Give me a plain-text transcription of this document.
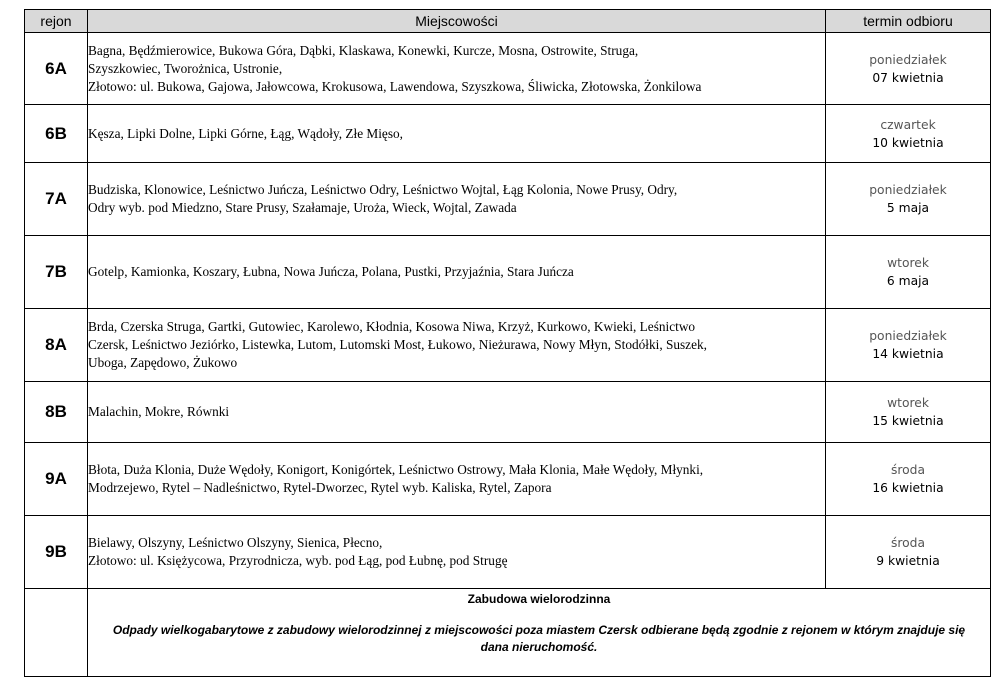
rejon	Miejscowości	termin odbioru
6A	Bagna, Będźmierowice, Bukowa Góra, Dąbki, Klaskawa, Konewki, Kurcze, Mosna, Ostrowite, Struga,
Szyszkowiec, Tworożnica, Ustronie,
Złotowo: ul. Bukowa, Gajowa, Jałowcowa, Krokusowa, Lawendowa, Szyszkowa, Śliwicka, Złotowska, Żonkilowa	poniedziałek
07 kwietnia

6B	Kęsza, Lipki Dolne, Lipki Górne, Łąg, Wądoły, Złe Mięso,	czwartek
10 kwietnia

7A	Budziska, Klonowice, Leśnictwo Juńcza, Leśnictwo Odry, Leśnictwo Wojtal, Łąg Kolonia, Nowe Prusy, Odry,
Odry wyb. pod Miedzno, Stare Prusy, Szałamaje, Uroża, Wieck, Wojtal, Zawada	poniedziałek
5 maja

7B	Gotelp, Kamionka, Koszary, Łubna, Nowa Juńcza, Polana, Pustki, Przyjaźnia, Stara Juńcza	wtorek
6 maja

8A	Brda, Czerska Struga, Gartki, Gutowiec, Karolewo, Kłodnia, Kosowa Niwa, Krzyż, Kurkowo, Kwieki, Leśnictwo
Czersk, Leśnictwo Jeziórko, Listewka, Lutom, Lutomski Most, Łukowo, Nieżurawa, Nowy Młyn, Stodółki, Suszek,
Uboga, Zapędowo, Żukowo	poniedziałek
14 kwietnia

8B	Malachin, Mokre, Równki	wtorek
15 kwietnia

9A	Błota, Duża Klonia, Duże Wędoły, Konigort, Konigórtek, Leśnictwo Ostrowy, Mała Klonia, Małe Wędoły, Młynki,
Modrzejewo, Rytel – Nadleśnictwo, Rytel-Dworzec, Rytel wyb. Kaliska, Rytel, Zapora	środa
16 kwietnia

9B	Bielawy, Olszyny, Leśnictwo Olszyny, Sienica, Płecno,
Złotowo: ul. Księżycowa, Przyrodnicza, wyb. pod Łąg, pod Łubnę, pod Strugę	środa
9 kwietnia

	Zabudowa wielorodzinna
Odpady wielkogabarytowe z zabudowy wielorodzinnej z miejscowości poza miastem Czersk odbierane będą zgodnie z rejonem w którym znajduje się dana nieruchomość.	
